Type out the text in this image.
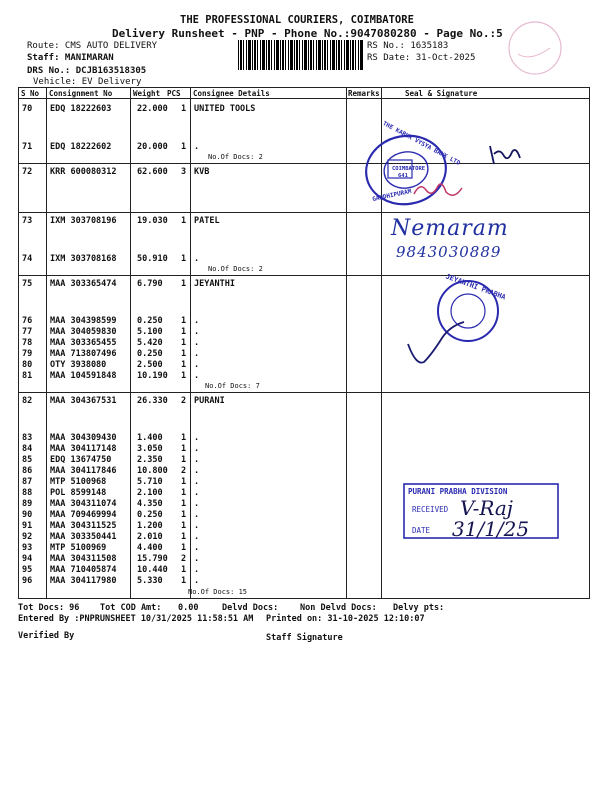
THE PROFESSIONAL COURIERS, COIMBATORE
Delivery Runsheet - PNP - Phone No.:9047080280 - Page No.:5
Route: CMS AUTO DELIVERY
Staff: MANIMARAN
DRS No.: DCJB163518305
Vehicle: EV Delivery
RS No.: 1635183
RS Date: 31-Oct-2025
S No Consignment No	Weight PCS Consignee Details	Remarks	Seal & Signature
70 EDQ 18222603	22.000 1 UNITED TOOLS
71 EDQ 18222602	20.000 1 .
No.Of Docs: 2
72 KRR 600080312 62.600 3 KVB
73 IXM 303708196 19.030 1 PATEL
74 IXM 303708168 50.910 1 .
No.Of Docs: 2
75 MAA 303365474 6.790 1 JEYANTHI
76 MAA 304398599 0.250 1 .
77 MAA 304059830 5.100 1 .
78 MAA 303365455 5.420 1 .
79 MAA 713807496 0.250 1 .
80 OTY 3938080	2.500 1 .
81 MAA 104591848 10.190 1 .
No.Of Docs: 7
82 MAA 304367531 26.330 2 PURANI
83 MAA 304309430 1.400 1 .
84 MAA 304117148 3.050 1 .
85 EDQ 13674750	2.350 1 .
86 MAA 304117846 10.800 2 .
87 MTP 5100968	5.710 1 .
88 POL 8599148	2.100 1 .
89 MAA 304311074 4.350 1 .
90 MAA 709469994 0.250 1 .
91 MAA 304311525 1.200 1 .
92 MAA 303350441 2.010 1 .
93 MTP 5100969	4.400 1 .
94 MAA 304311508 15.790 2 .
95 MAA 710405874 10.440 1 .
96 MAA 304117980 5.330 1 .
No.Of Docs: 15
THE KARUR VYSYA BANK LTD
COIMBATORE
641
GANDHIPURAM
Nemaram
9843030889
JEYANTHI PRABHA
PURANI PRABHA DIVISION
RECEIVED
DATE
V-Raj
31/1/25
Tot Docs: 96 Tot COD Amt: 0.00	Delvd Docs:	Non Delvd Docs: Delvy pts:
Entered By :PNPRUNSHEET 10/31/2025 11:58:51 AM Printed on: 31-10-2025 12:10:07
Verified By	Staff Signature
